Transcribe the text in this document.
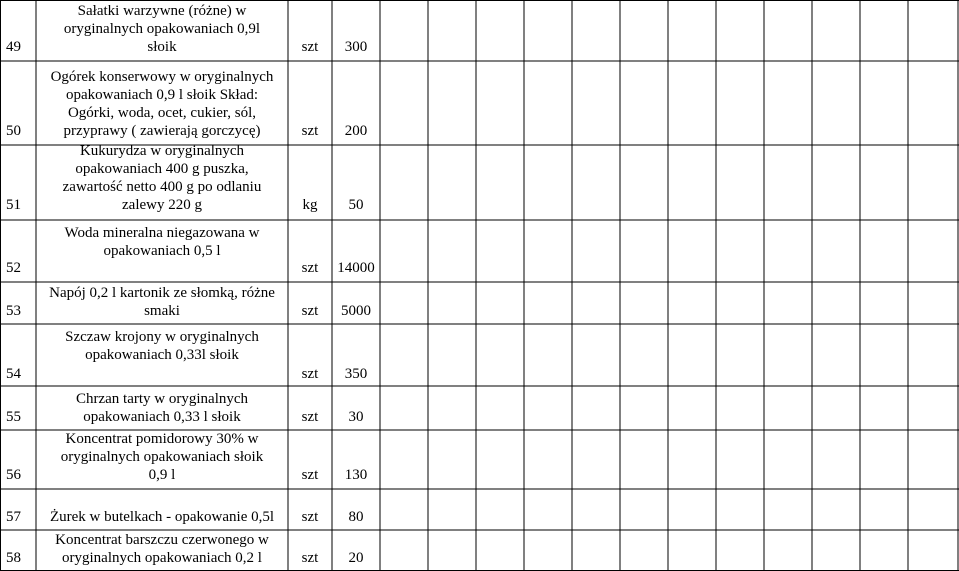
49
Sałatki warzywne (różne) w
oryginalnych opakowaniach 0,9l
słoik	szt	300
50
Ogórek konserwowy w oryginalnych
opakowaniach 0,9 l słoik Skład:
Ogórki, woda, ocet, cukier, sól,
przyprawy ( zawierają gorczycę)	szt	200
51
Kukurydza w oryginalnych
opakowaniach 400 g puszka,
zawartość netto 400 g po odlaniu
zalewy 220 g	kg	50
52
Woda mineralna niegazowana w
opakowaniach 0,5 l
szt	14000
53
Napój 0,2 l kartonik ze słomką, różne
smaki	szt	5000
54
Szczaw krojony w oryginalnych
opakowaniach 0,33l słoik
szt	350
55
Chrzan tarty w oryginalnych
opakowaniach 0,33 l słoik	szt	30
56
Koncentrat pomidorowy 30% w
oryginalnych opakowaniach słoik
0,9 l	szt	130
57	Żurek w butelkach - opakowanie 0,5l	szt	80
58
Koncentrat barszczu czerwonego w
oryginalnych opakowaniach 0,2 l	szt	20
